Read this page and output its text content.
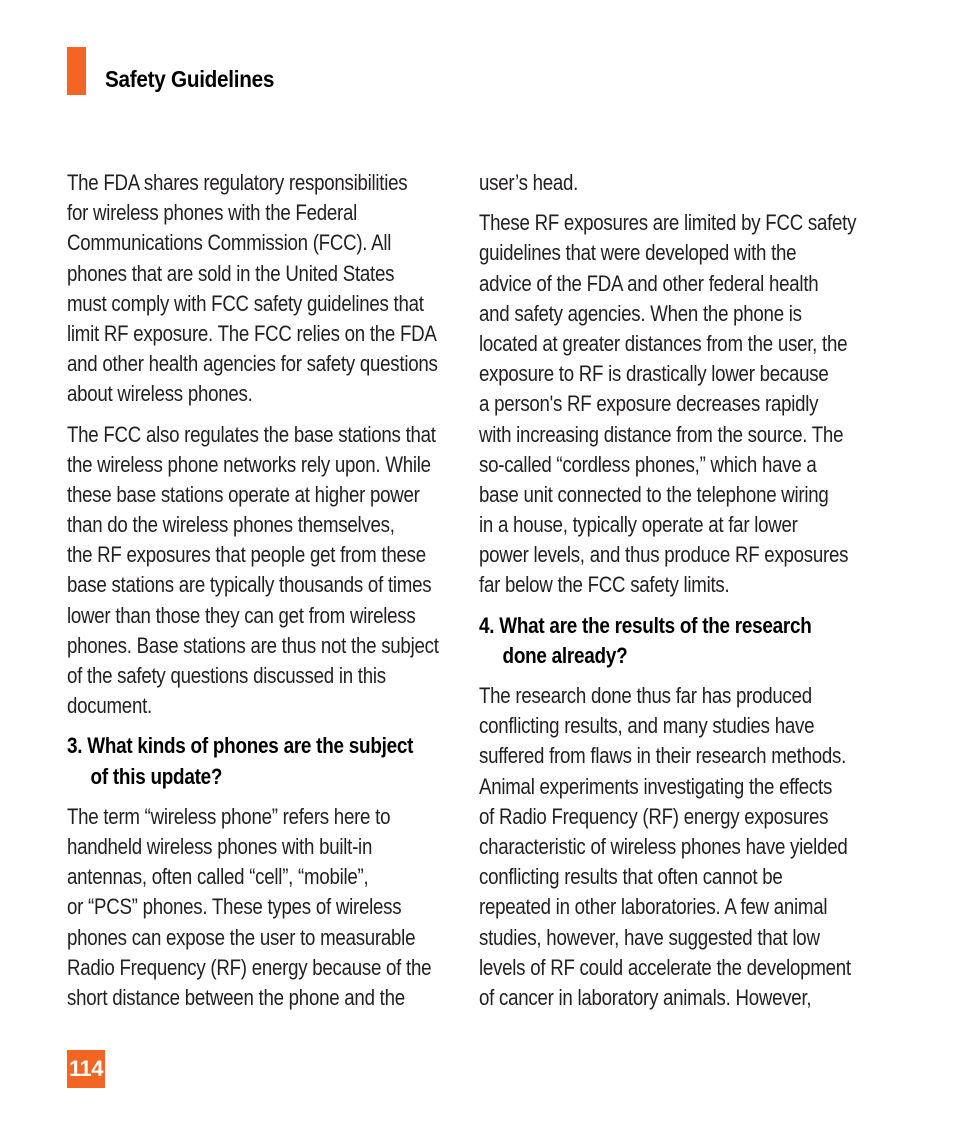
Safety Guidelines
The FDA shares regulatory responsibilities
for wireless phones with the Federal
Communications Commission (FCC). All
phones that are sold in the United States
must comply with FCC safety guidelines that
limit RF exposure. The FCC relies on the FDA
and other health agencies for safety questions
about wireless phones.
The FCC also regulates the base stations that
the wireless phone networks rely upon. While
these base stations operate at higher power
than do the wireless phones themselves,
the RF exposures that people get from these
base stations are typically thousands of times
lower than those they can get from wireless
phones. Base stations are thus not the subject
of the safety questions discussed in this
document.
3. What kinds of phones are the subject
of this update?
The term “wireless phone” refers here to
handheld wireless phones with built-in
antennas, often called “cell”, “mobile”,
or “PCS” phones. These types of wireless
phones can expose the user to measurable
Radio Frequency (RF) energy because of the
short distance between the phone and the
user’s head.
These RF exposures are limited by FCC safety
guidelines that were developed with the
advice of the FDA and other federal health
and safety agencies. When the phone is
located at greater distances from the user, the
exposure to RF is drastically lower because
a person's RF exposure decreases rapidly
with increasing distance from the source. The
so-called “cordless phones,” which have a
base unit connected to the telephone wiring
in a house, typically operate at far lower
power levels, and thus produce RF exposures
far below the FCC safety limits.
4. What are the results of the research
done already?
The research done thus far has produced
conflicting results, and many studies have
suffered from flaws in their research methods.
Animal experiments investigating the effects
of Radio Frequency (RF) energy exposures
characteristic of wireless phones have yielded
conflicting results that often cannot be
repeated in other laboratories. A few animal
studies, however, have suggested that low
levels of RF could accelerate the development
of cancer in laboratory animals. However,
114
